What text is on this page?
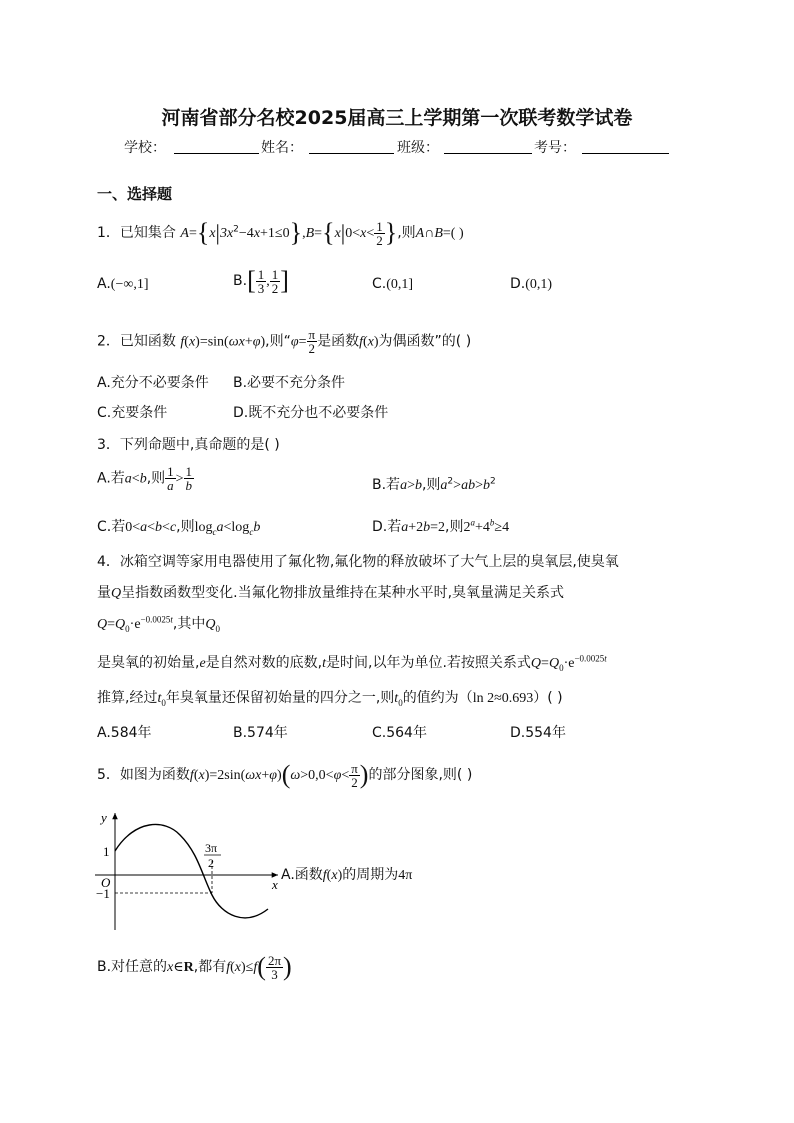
河南省部分名校2025届高三上学期第一次联考数学试卷
学校：	姓名：	班级：	考号：
一、选择题
1．已知集合 $A=\{x|3x^2-4x+1\le 0\},B=\{x|0<x< \frac{1}{2}$ },则A∩B=( )
A.(−∞,1]	$B.[ \frac{1}{3}$ , $\frac{1}{2}$ ]	C.(0,1]	D.(0,1)
2．已知函数 f(x)=sin(ωx+φ),则“$\varphi= \frac{\pi}{2}$ 是函数f(x)为偶函数”的( )
A.充分不必要条件 B.必要不充分条件
C.充要条件	D.既不充分也不必要条件
3．下列命题中,真命题的是( )
A.若a<b,则 $\frac{1}{a} > \frac{1}{b}$	B.若a>b,则$a^2>ab>b^2$
C.若0<a<b<c,则$\log_ca<\log_cb$	D.若a+2b=2,则$2^a+4^b\ge 4$
4．冰箱空调等家用电器使用了氟化物,氟化物的释放破坏了大气上层的臭氧层,使臭氧
量Q呈指数函数型变化.当氟化物排放量维持在某种水平时,臭氧量满足关系式
$Q=Q_0\cdot e^{-0.0025t}$,其中$Q_0$
是臭氧的初始量,e是自然对数的底数,t是时间,以年为单位.若按照关系式$Q=Q_0\cdot e^{-0.0025t}$
推算,经过$t_0$年臭氧量还保留初始量的四分之一,则$t_0$的值约为（ln 2≈0.693）( )
A.584年	B.574年	C.564年	D.554年
5．如图为函数$f(x)=2\sin(\omega x+\varphi)(\omega>0,0<\varphi< \frac{\pi}{2}$ )的部分图象,则( )
y
x
O
1
−1
3π
2
A.函数f(x)的周期为4π
B.对任意的x∈R,都有$f(x)\le f( \frac{2\pi}{3}$ )
